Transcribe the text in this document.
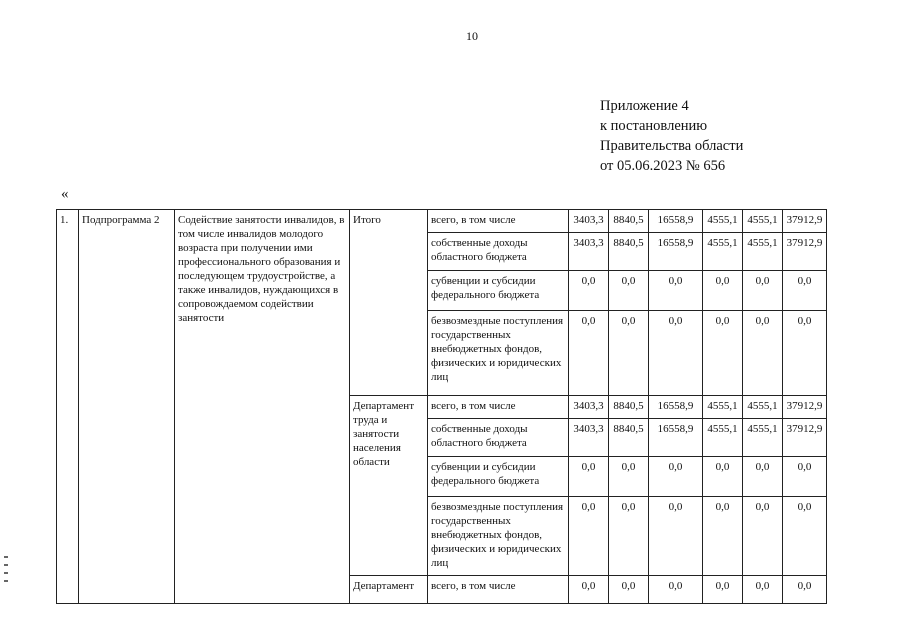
10
Приложение 4
к постановлению
Правительства области
от 05.06.2023 № 656
«
1.	Подпрограмма 2	Содействие занятости инвалидов, в том числе инвалидов молодого возраста при получении ими профессионального образования и последующем трудоустройстве, а также инвалидов, нуждающихся в сопровождаемом содействии занятости	Итого	всего, в том числе	3403,3	8840,5	16558,9	4555,1	4555,1	37912,9
				собственные доходы областного бюджета	3403,3	8840,5	16558,9	4555,1	4555,1	37912,9
				субвенции и субсидии федерального бюджета	0,0	0,0	0,0	0,0	0,0	0,0
				безвозмездные поступления государственных внебюджетных фондов, физических и юридических лиц	0,0	0,0	0,0	0,0	0,0	0,0
			Департамент труда и занятости населения области	всего, в том числе	3403,3	8840,5	16558,9	4555,1	4555,1	37912,9
				собственные доходы областного бюджета	3403,3	8840,5	16558,9	4555,1	4555,1	37912,9
				субвенции и субсидии федерального бюджета	0,0	0,0	0,0	0,0	0,0	0,0
				безвозмездные поступления государственных внебюджетных фондов, физических и юридических лиц	0,0	0,0	0,0	0,0	0,0	0,0
			Департамент	всего, в том числе	0,0	0,0	0,0	0,0	0,0	0,0
